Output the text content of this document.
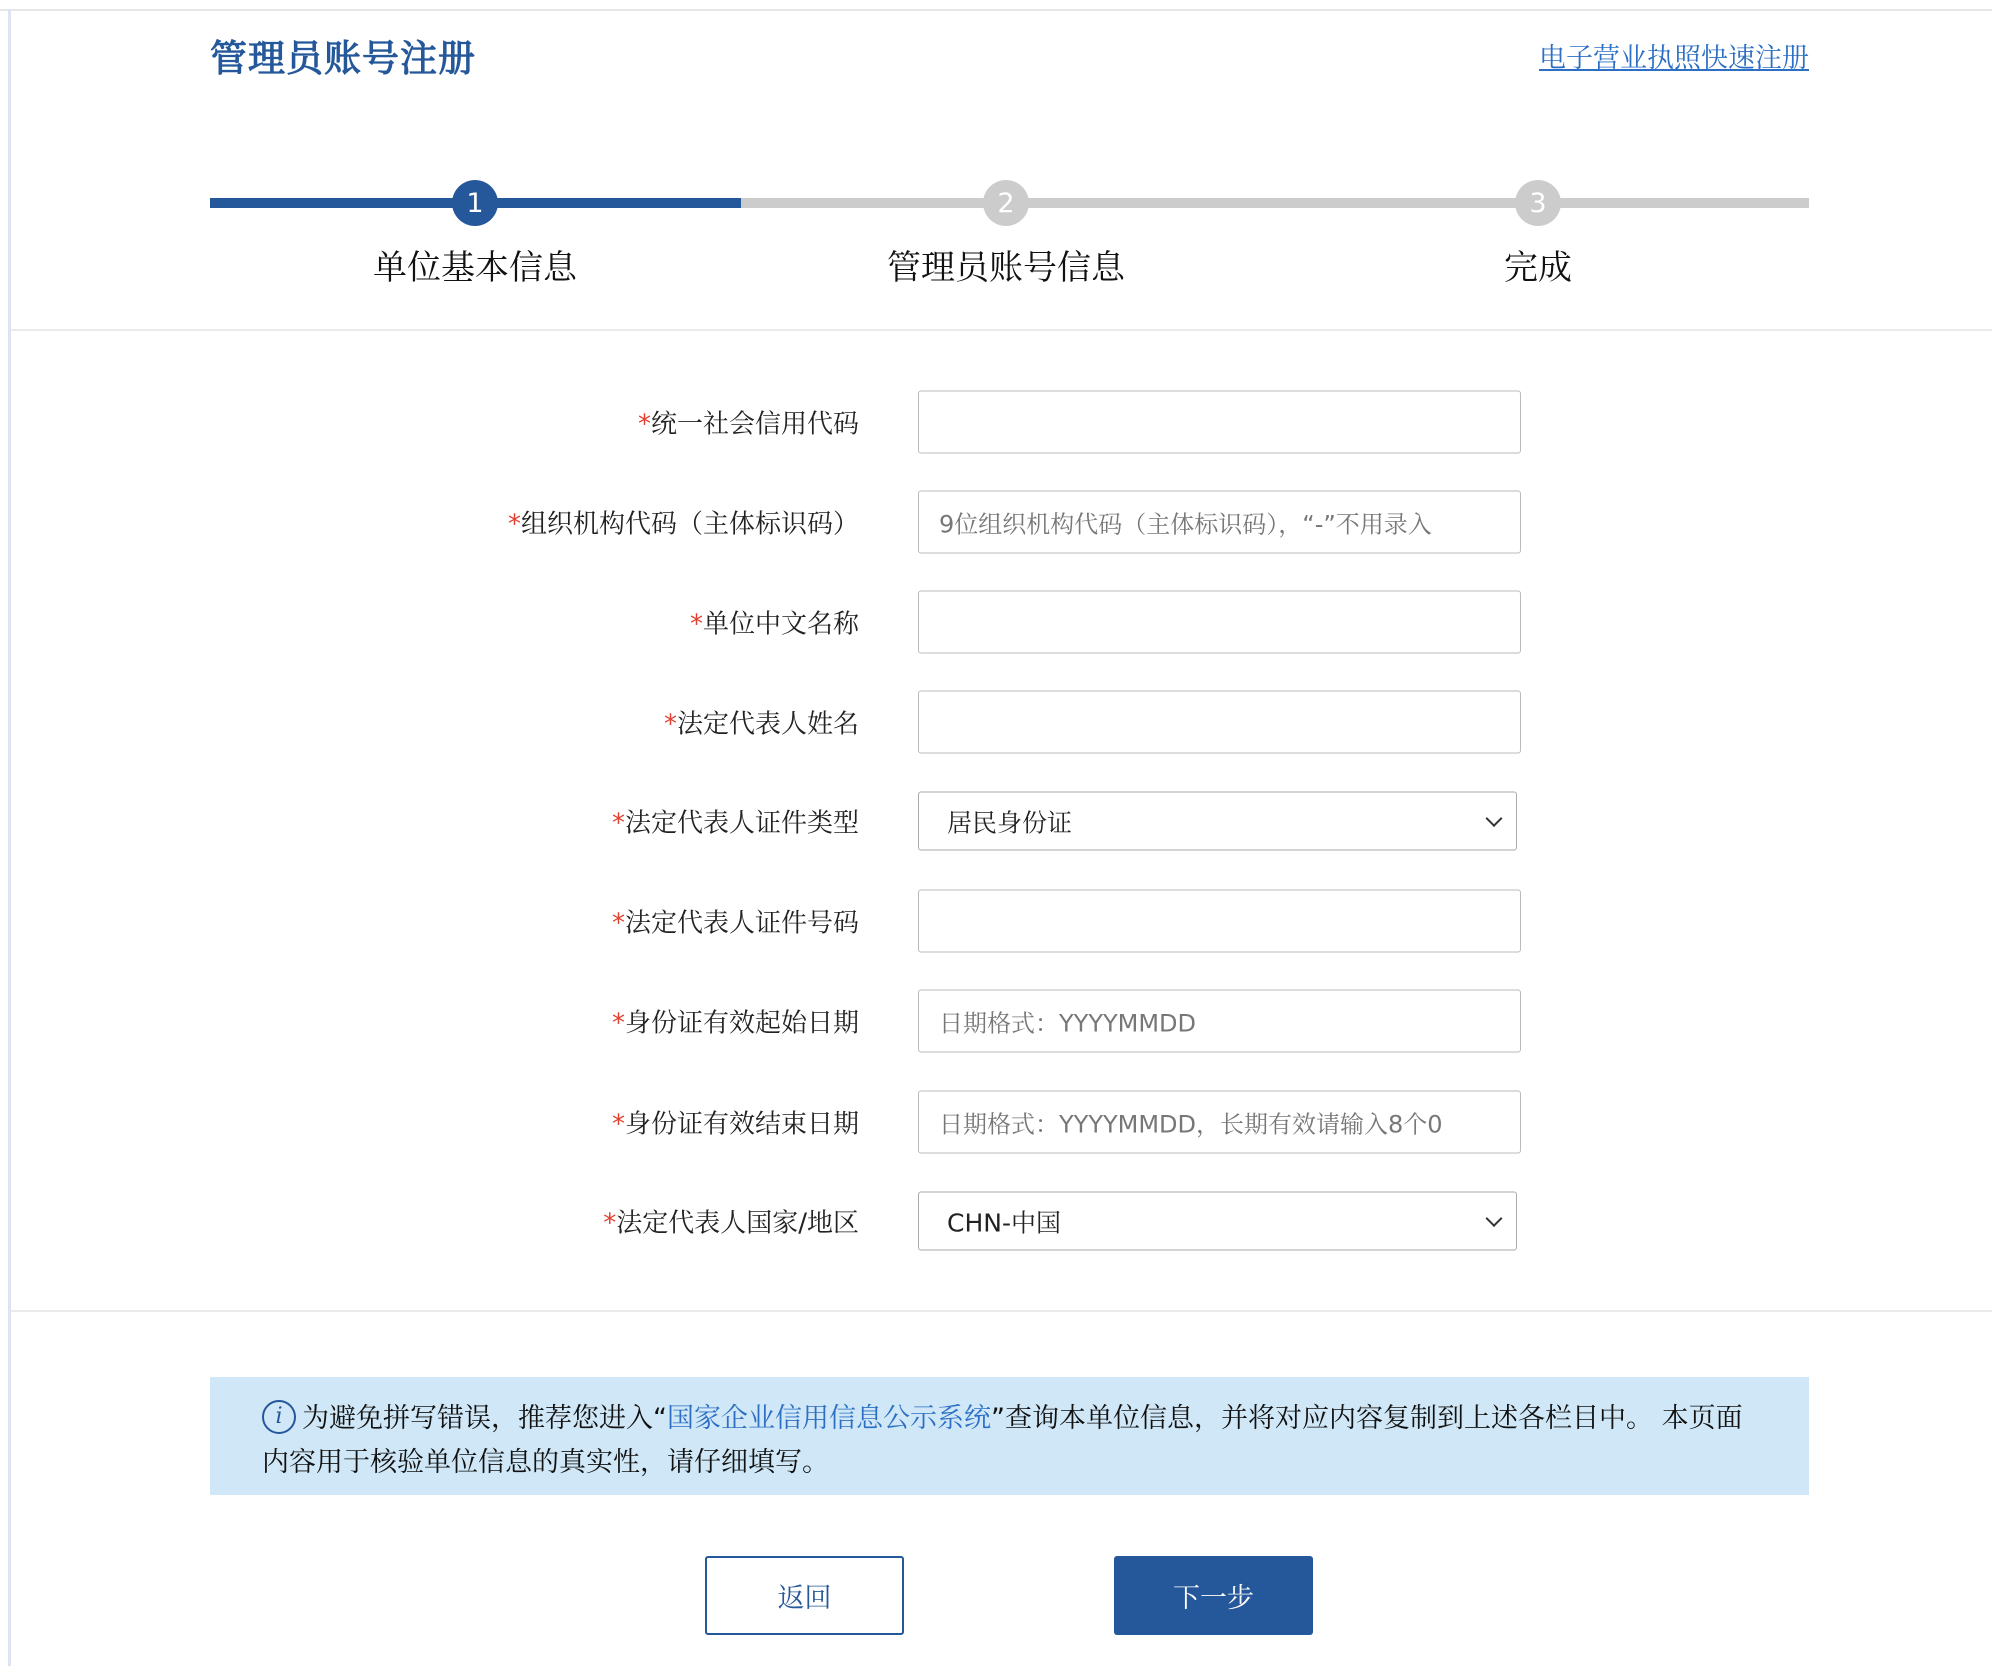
管理员账号注册	电子营业执照快速注册
1	2	3
单位基本信息	管理员账号信息	完成
*统一社会信用代码
*组织机构代码（主体标识码）	9位组织机构代码（主体标识码），“-”不用录入
*单位中文名称
*法定代表人姓名
*法定代表人证件类型	居民身份证
*法定代表人证件号码
*身份证有效起始日期	日期格式：YYYYMMDD
*身份证有效结束日期	日期格式：YYYYMMDD，长期有效请输入8个0
*法定代表人国家/地区	CHN-中国
i 为避免拼写错误，推荐您进入“国家企业信用信息公示系统”查询本单位信息，并将对应内容复制到上述各栏目中。 本页面内容用于核验单位信息的真实性，请仔细填写。
返回	下一步
